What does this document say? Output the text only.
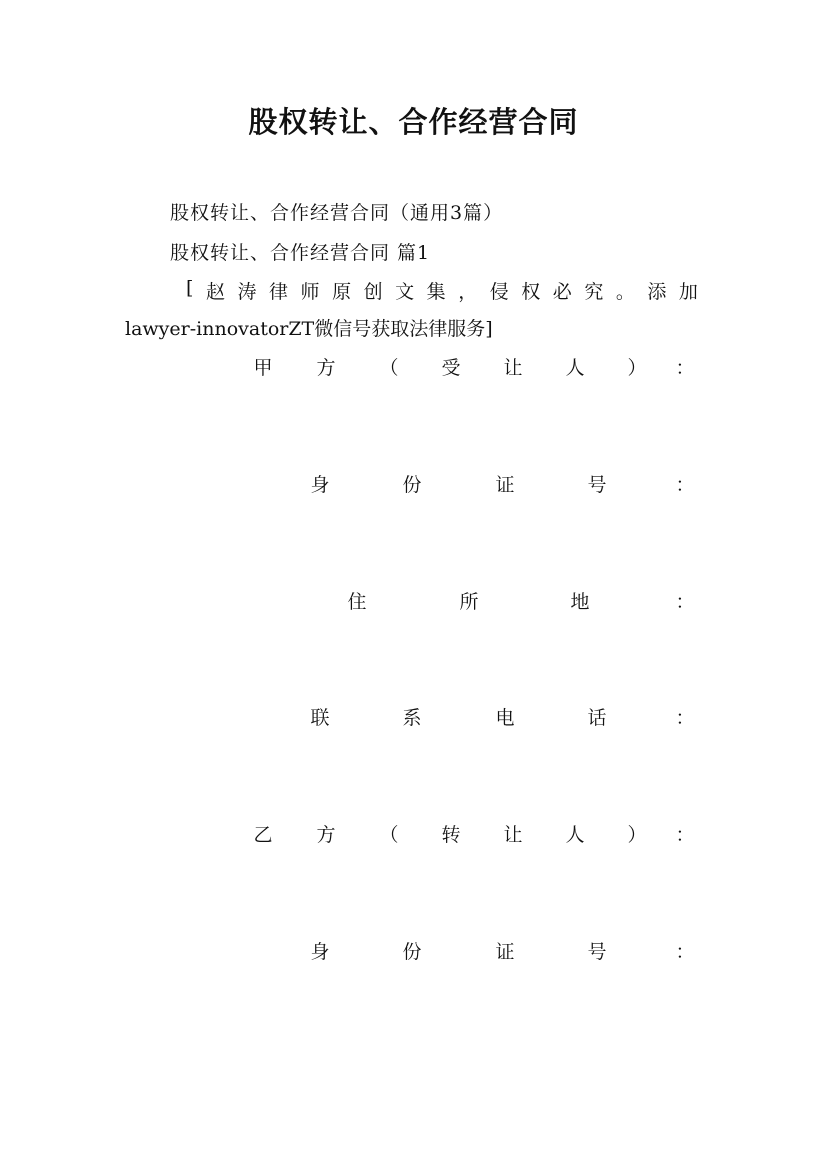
股权转让、合作经营合同
股权转让、合作经营合同（通用3篇）
股权转让、合作经营合同 篇1
[ 赵 涛 律 师 原 创 文 集 ， 侵 权 必 究 。 添 加
lawyer-innovatorZT微信号获取法律服务]
甲 方 （ 受 让 人 ） ：
身	份	证	号	：
住	所	地	：
联	系	电	话	：
乙 方 （ 转 让 人 ） ：
身	份	证	号	：
